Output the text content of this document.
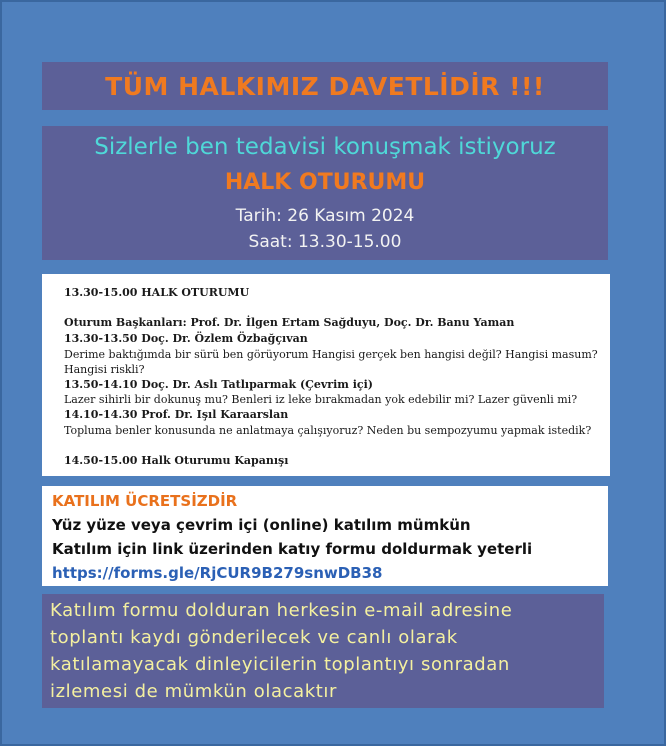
TÜM HALKIMIZ DAVETLİDİR !!!
Sizlerle ben tedavisi konuşmak istiyoruz
HALK OTURUMU
Tarih: 26 Kasım 2024
Saat: 13.30-15.00
13.30-15.00 HALK OTURUMU
Oturum Başkanları: Prof. Dr. İlgen Ertam Sağduyu, Doç. Dr. Banu Yaman
13.30-13.50 Doç. Dr. Özlem Özbağçıvan
Derime baktığımda bir sürü ben görüyorum Hangisi gerçek ben hangisi değil? Hangisi masum?
Hangisi riskli?
13.50-14.10 Doç. Dr. Aslı Tatlıparmak (Çevrim içi)
Lazer sihirli bir dokunuş mu? Benleri iz leke bırakmadan yok edebilir mi? Lazer güvenli mi?
14.10-14.30 Prof. Dr. Işıl Karaarslan
Topluma benler konusunda ne anlatmaya çalışıyoruz? Neden bu sempozyumu yapmak istedik?
14.50-15.00 Halk Oturumu Kapanışı
KATILIM ÜCRETSİZDİR
Yüz yüze veya çevrim içi (online) katılım mümkün
Katılım için link üzerinden katıy formu doldurmak yeterli
https://forms.gle/RjCUR9B279snwDB38
Katılım formu dolduran herkesin e-mail adresine
toplantı kaydı gönderilecek ve canlı olarak
katılamayacak dinleyicilerin toplantıyı sonradan
izlemesi de mümkün olacaktır
